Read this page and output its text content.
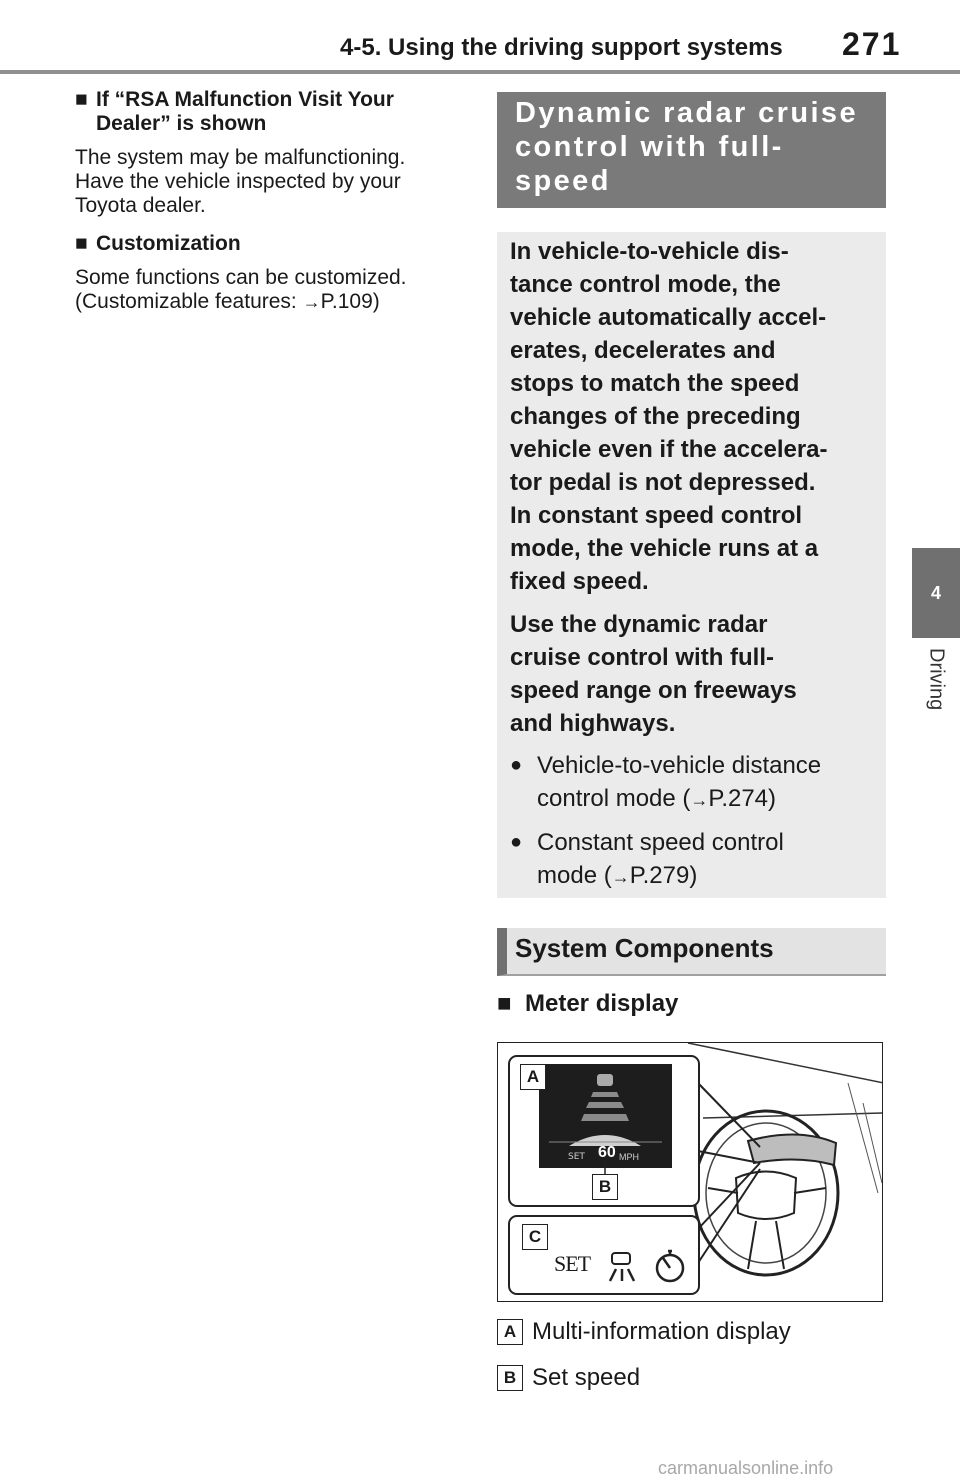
4-5. Using the driving support systems 271
4
Driving
■ If “RSA Malfunction Visit Your
Dealer” is shown
The system may be malfunctioning.
Have the vehicle inspected by your
Toyota dealer.
■ Customization
Some functions can be customized.
(Customizable features: →P.109)
Dynamic radar cruise
control with full-speed
range

In vehicle-to-vehicle dis-
tance control mode, the
vehicle automatically accel-
erates, decelerates and
stops to match the speed
changes of the preceding
vehicle even if the accelera-
tor pedal is not depressed.
In constant speed control
mode, the vehicle runs at a
fixed speed.

Use the dynamic radar
cruise control with full-
speed range on freeways
and highways.

● Vehicle-to-vehicle distance
control mode (→P.274)
● Constant speed control
mode (→P.279)
System Components
■ Meter display
SET 60 MPH
A
B
C
SET
A Multi-information display
B Set speed
carmanualsonline.info
